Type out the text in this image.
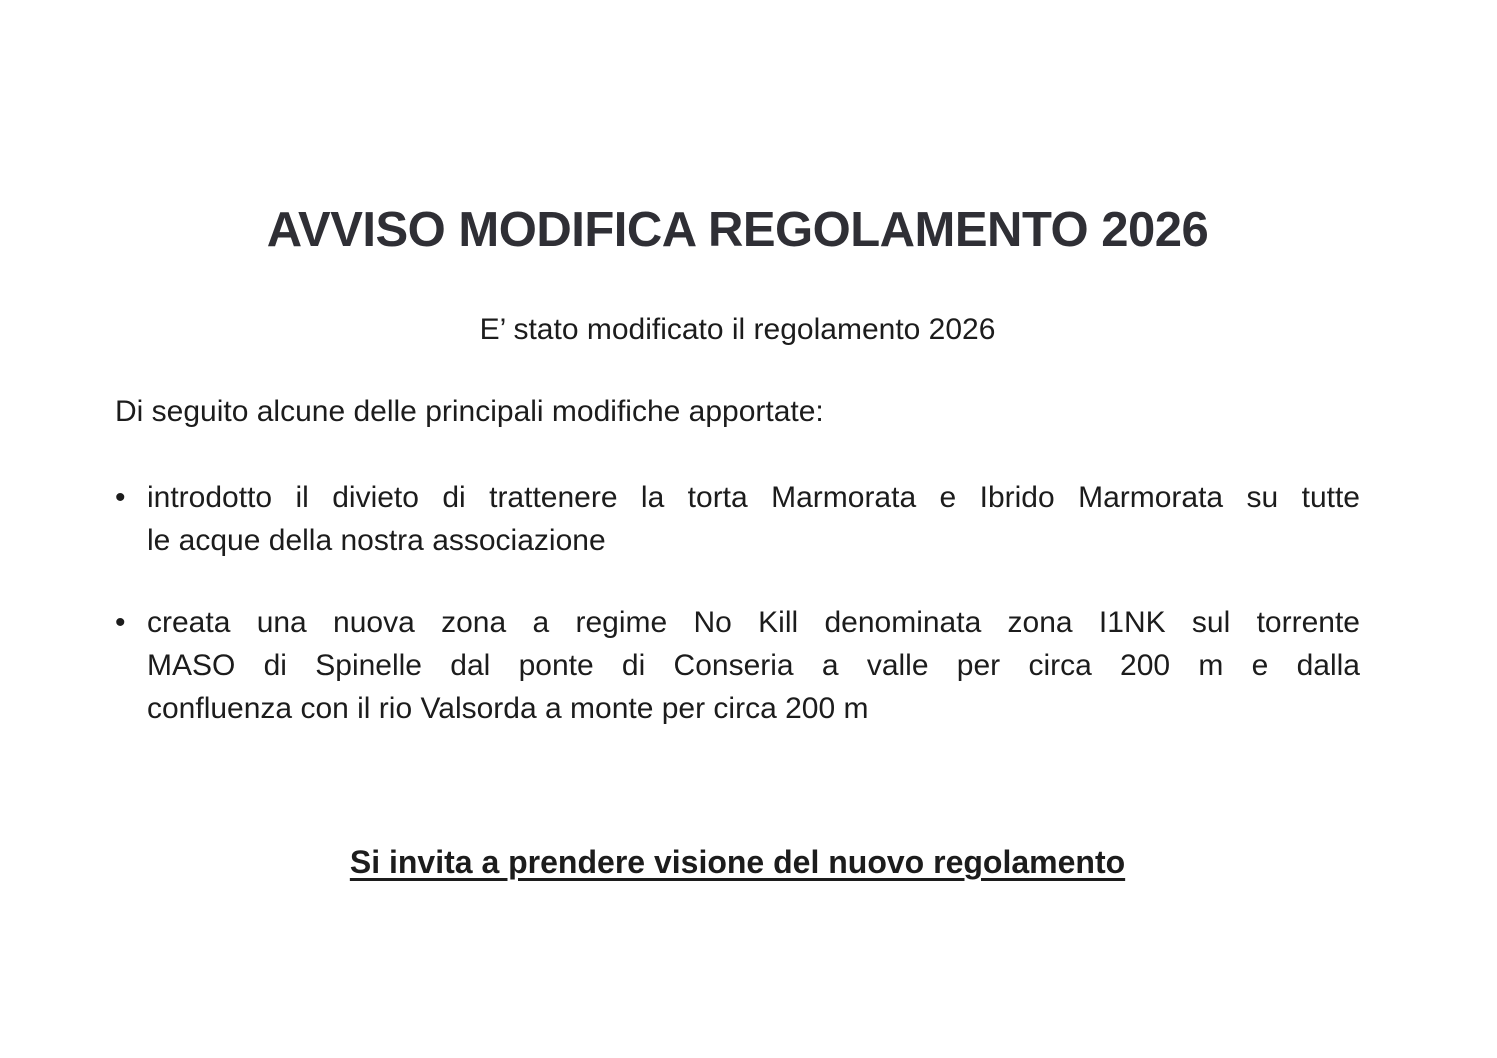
AVVISO MODIFICA REGOLAMENTO 2026
E’ stato modificato il regolamento 2026
Di seguito alcune delle principali modifiche apportate:
• introdotto il divieto di trattenere la torta Marmorata e Ibrido Marmorata su tutte
le acque della nostra associazione
• creata una nuova zona a regime No Kill denominata zona I1NK sul torrente
MASO di Spinelle dal ponte di Conseria a valle per circa 200 m e dalla
confluenza con il rio Valsorda a monte per circa 200 m
Si invita a prendere visione del nuovo regolamento
